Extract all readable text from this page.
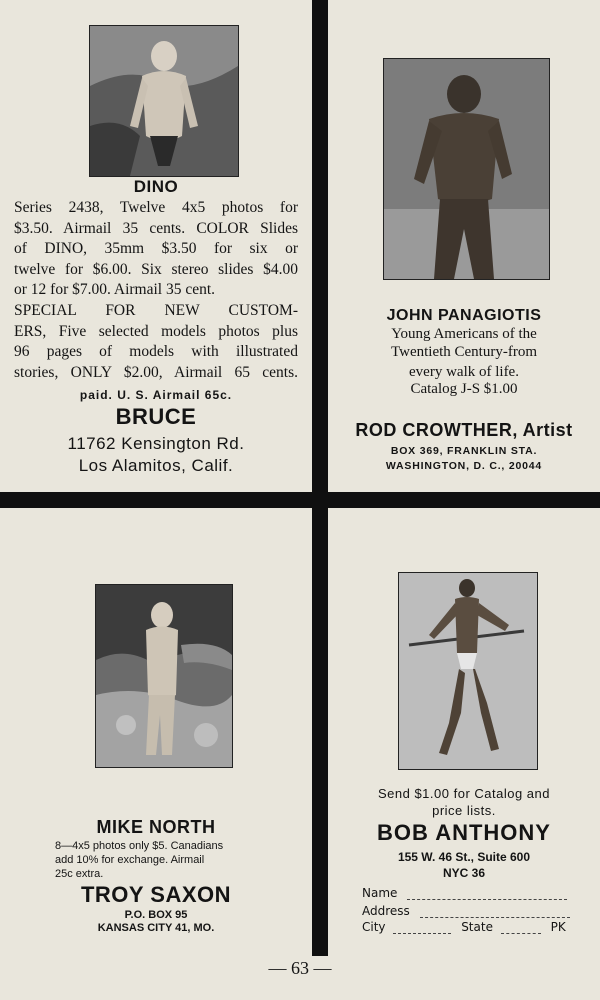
DINO
Series 2438, Twelve 4x5 photos for
$3.50. Airmail 35 cents. COLOR Slides
of DINO, 35mm $3.50 for six or
twelve for $6.00. Six stereo slides $4.00
or 12 for $7.00. Airmail 35 cent.
SPECIAL FOR NEW CUSTOM-
ERS, Five selected models photos plus
96 pages of models with illustrated
stories, ONLY $2.00, Airmail 65 cents.
paid. U. S. Airmail 65c.
BRUCE
11762 Kensington Rd.
Los Alamitos, Calif.
JOHN PANAGIOTIS
Young Americans of the
Twentieth Century-from
every walk of life.
Catalog J-S $1.00
ROD CROWTHER, Artist
BOX 369, FRANKLIN STA.
WASHINGTON, D. C., 20044
MIKE NORTH
8—4x5 photos only $5. Canadians
add 10% for exchange. Airmail
25c extra.
TROY SAXON
P.O. BOX 95
KANSAS CITY 41, MO.
Send $1.00 for Catalog and
price lists.
BOB ANTHONY
155 W. 46 St., Suite 600
NYC 36
Name
Address
City	State	PK
— 63 —
